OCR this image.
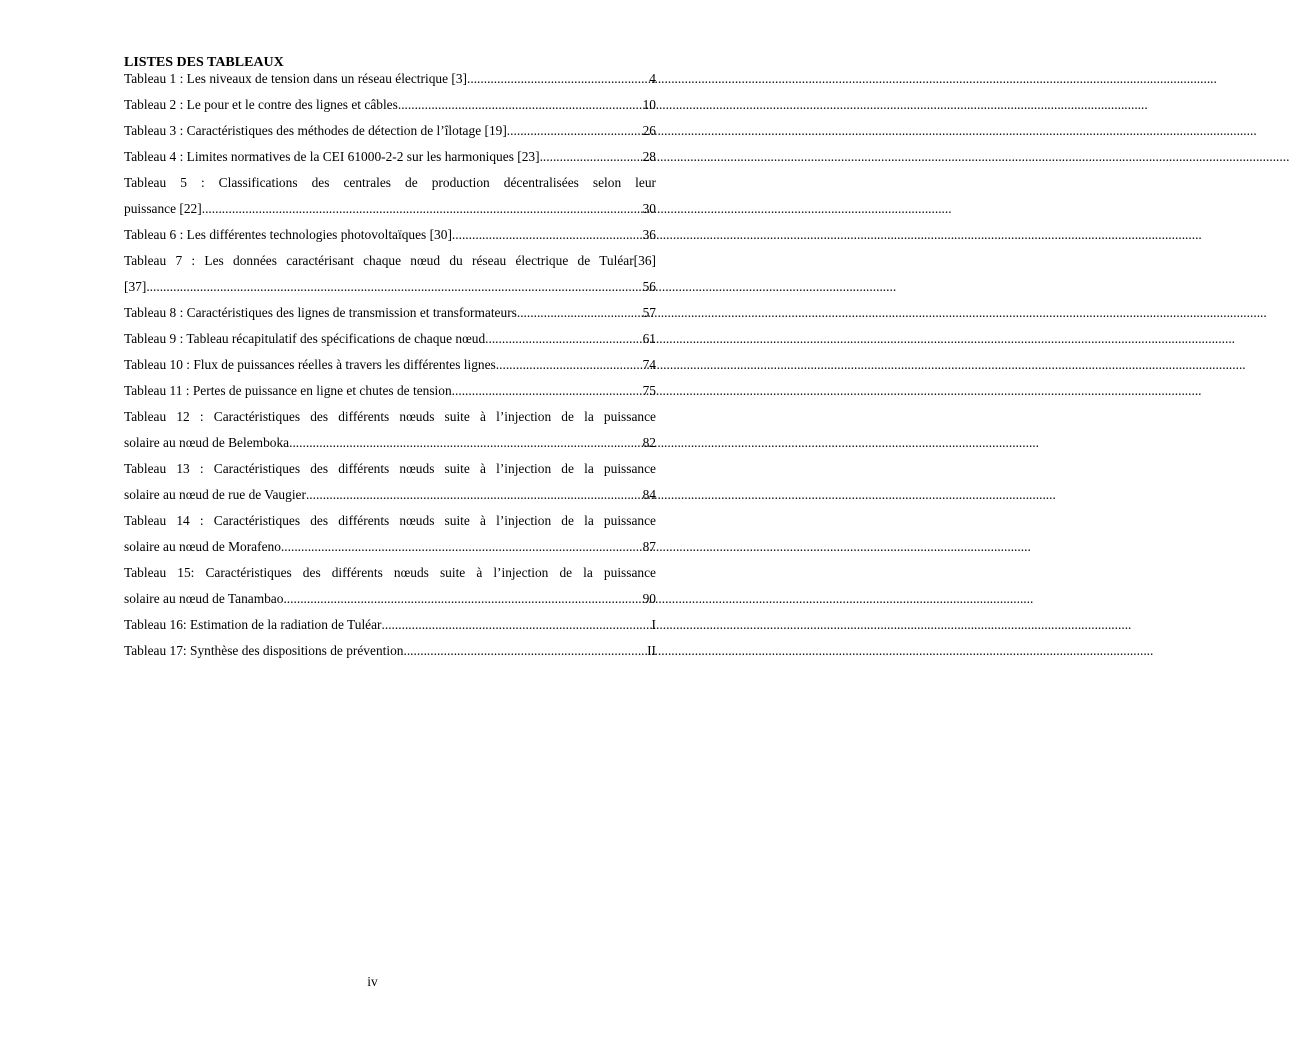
LISTES DES TABLEAUX
Tableau 1 : Les niveaux de tension dans un réseau électrique [3] .....	4
Tableau 2 : Le pour et le contre des lignes et câbles .....	10
Tableau 3 : Caractéristiques des méthodes de détection de l’îlotage [19] .....	26
Tableau 4 : Limites normatives de la CEI 61000-2-2 sur les harmoniques [23] .....	28
Tableau 5 : Classifications des centrales de production décentralisées selon leur
puissance [22] .....	30
Tableau 6 : Les différentes technologies photovoltaïques [30] .....	36
Tableau 7 : Les données caractérisant chaque nœud du réseau électrique de Tuléar[36]
[37] .....	56
Tableau 8 : Caractéristiques des lignes de transmission et transformateurs .....	57
Tableau 9 : Tableau récapitulatif des spécifications de chaque nœud .....	61
Tableau 10 : Flux de puissances réelles à travers les différentes lignes .....	74
Tableau 11 : Pertes de puissance en ligne et chutes de tension .....	75
Tableau 12 : Caractéristiques des différents nœuds suite à l’injection de la puissance
solaire au nœud de Belemboka .....	82
Tableau 13 : Caractéristiques des différents nœuds suite à l’injection de la puissance
solaire au nœud de rue de Vaugier .....	84
Tableau 14 : Caractéristiques des différents nœuds suite à l’injection de la puissance
solaire au nœud de Morafeno .....	87
Tableau 15: Caractéristiques des différents nœuds suite à l’injection de la puissance
solaire au nœud de Tanambao .....	90
Tableau 16: Estimation de la radiation de Tuléar .....	I
Tableau 17: Synthèse des dispositions de prévention .....	II
iv
